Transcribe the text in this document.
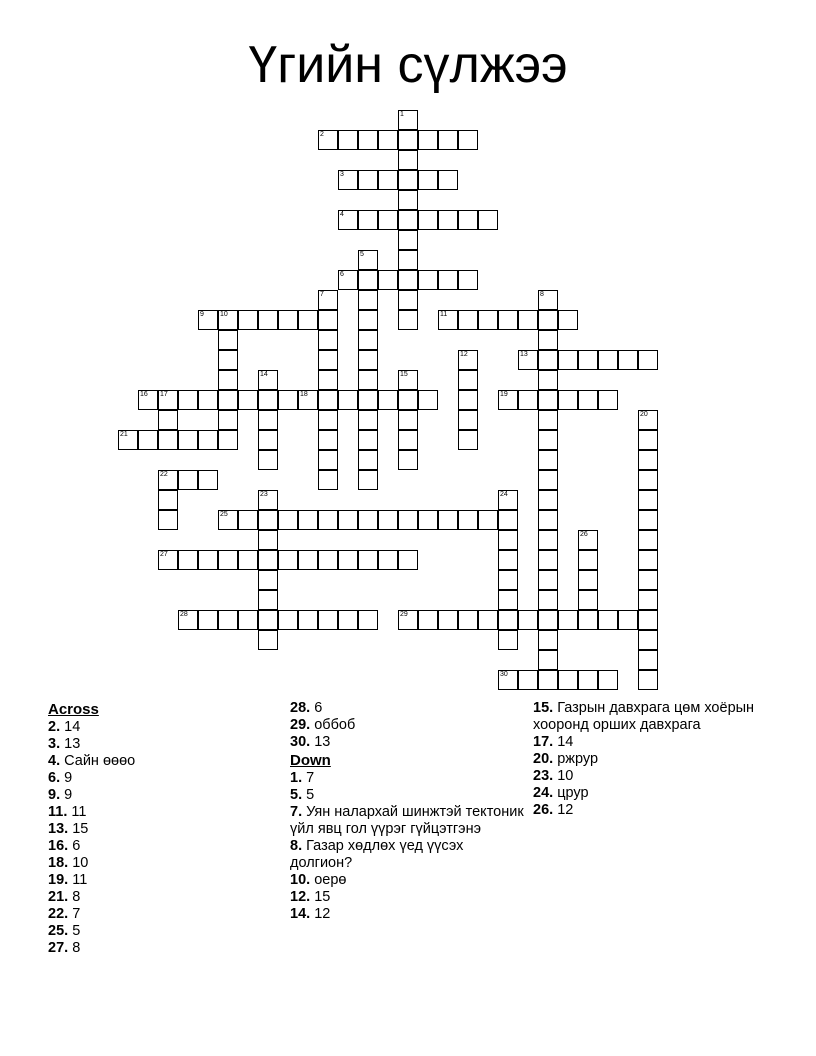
Үгийн сүлжээ
1
2
3
4
5
6
7	8
9 10	11
12	13
14	15
16 17	18	19
20
21
22
23	24
25
26
27
28	29
30
Across
2. 14
3. 13
4. Сайн өөөо
6. 9
9. 9
11. 11
13. 15
16. 6
18. 10
19. 11
21. 8
22. 7
25. 5
27. 8
28. 6
29. оббоб
30. 13
Down
1. 7
5. 5
7. Уян налархай шинжтэй тектоник үйл явц гол үүрэг гүйцэтгэнэ
8. Газар хөдлөх үед үүсэх долгион?
10. оерө
12. 15
14. 12
15. Газрын давхрага цөм хоёрын хооронд орших давхрага
17. 14
20. ржрур
23. 10
24. црур
26. 12
